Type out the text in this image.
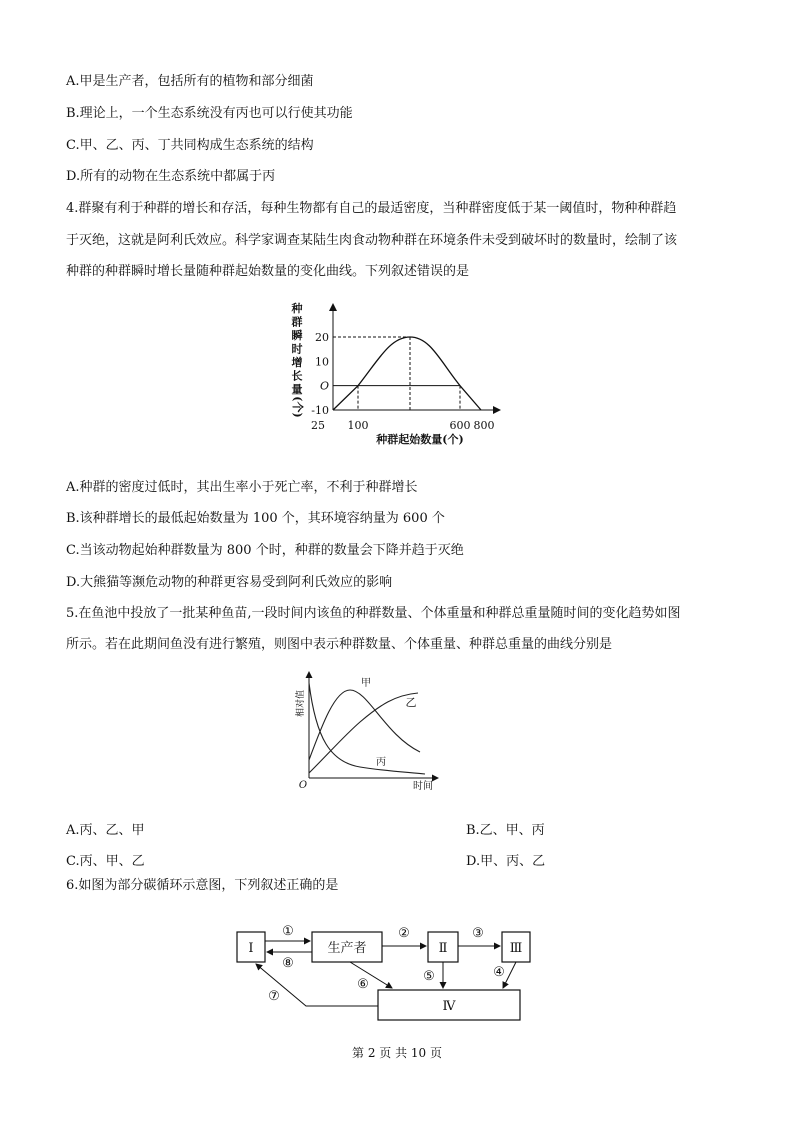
A.甲是生产者，包括所有的植物和部分细菌
B.理论上，一个生态系统没有丙也可以行使其功能
C.甲、乙、丙、丁共同构成生态系统的结构
D.所有的动物在生态系统中都属于丙
4.群聚有利于种群的增长和存活，每种生物都有自己的最适密度，当种群密度低于某一阈值时，物种种群趋
于灭绝，这就是阿利氏效应。科学家调查某陆生肉食动物种群在环境条件未受到破坏时的数量时，绘制了该
种群的种群瞬时增长量随种群起始数量的变化曲线。下列叙述错误的是
种
群
瞬
时
增
长
量
(个)
20
10
O
-10
25 100	600 800
种群起始数量(个)
A.种群的密度过低时，其出生率小于死亡率，不利于种群增长
B.该种群增长的最低起始数量为 100 个，其环境容纳量为 600 个
C.当该动物起始种群数量为 800 个时，种群的数量会下降并趋于灭绝
D.大熊猫等濒危动物的种群更容易受到阿利氏效应的影响
5.在鱼池中投放了一批某种鱼苗,一段时间内该鱼的种群数量、个体重量和种群总重量随时间的变化趋势如图
所示。若在此期间鱼没有进行繁殖，则图中表示种群数量、个体重量、种群总重量的曲线分别是
相对值
O	时间
甲
乙
丙
A.丙、乙、甲	B.乙、甲、丙
C.丙、甲、乙	D.甲、丙、乙
6.如图为部分碳循环示意图，下列叙述正确的是
Ⅰ	生产者	Ⅱ	Ⅲ
Ⅳ
①
⑧
②	③
⑤	④
⑥
⑦
第 2 页 共 10 页
